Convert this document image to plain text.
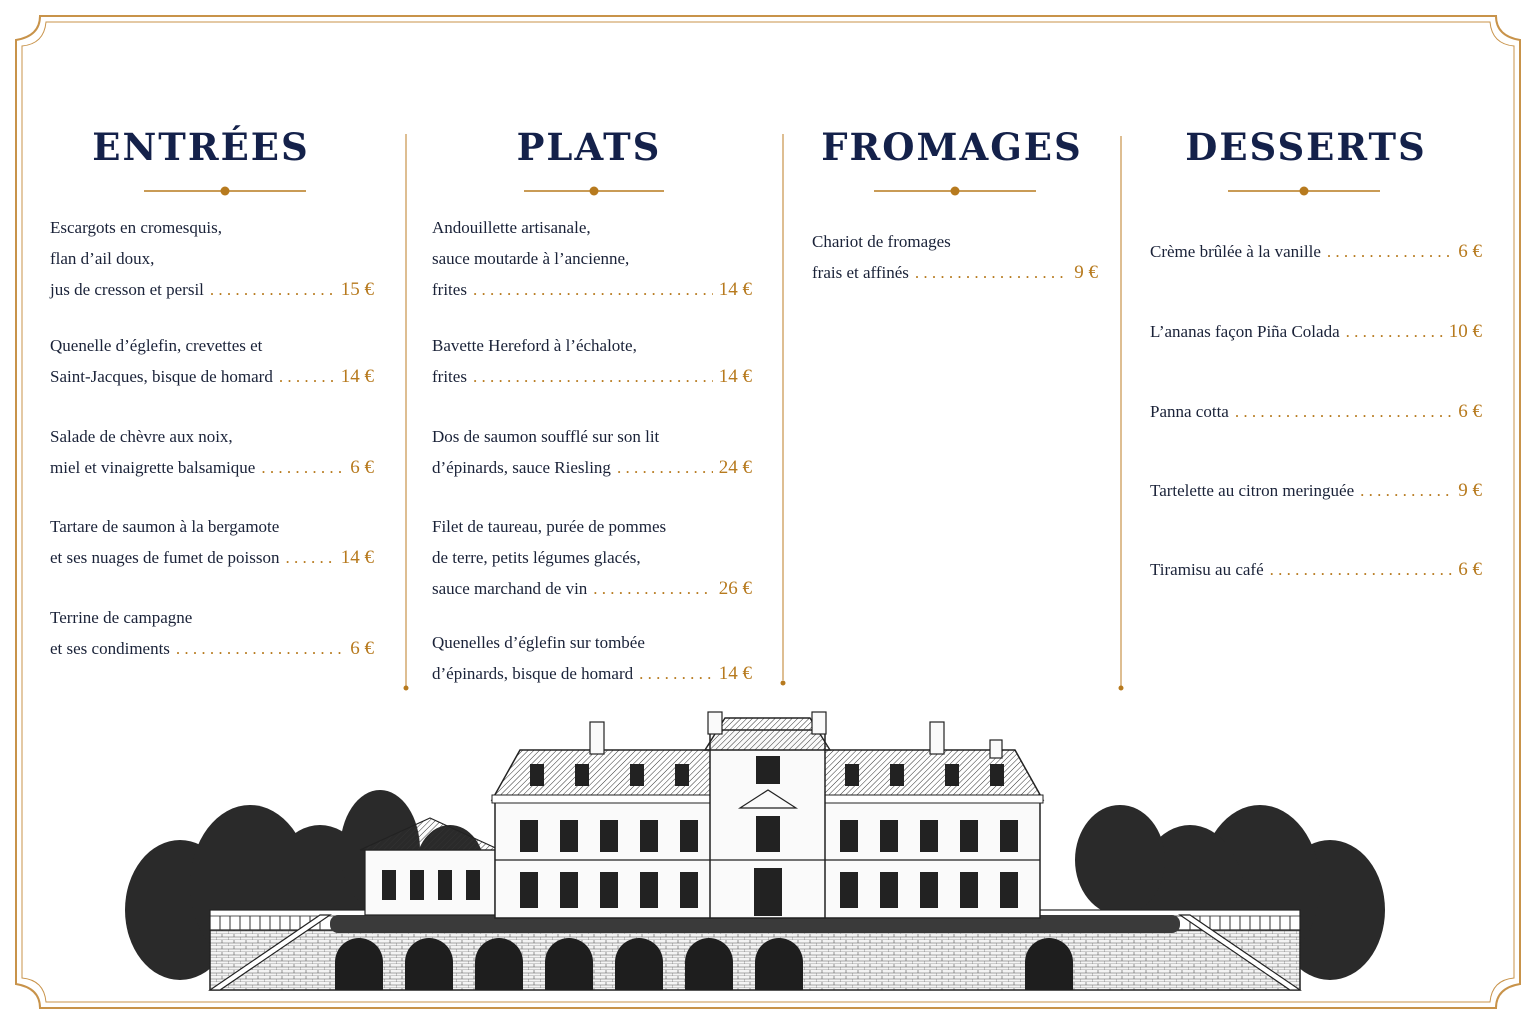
ENTRÉES
Escargots en cromesquis,
flan d’ail doux,
jus de cresson et persil . . .	15 €
Quenelle d’églefin, crevettes et
Saint-Jacques, bisque de homard . . .	14 €
Salade de chèvre aux noix,
miel et vinaigrette balsamique . . .	6 €
Tartare de saumon à la bergamote
et ses nuages de fumet de poisson . . .	14 €
Terrine de campagne
et ses condiments . . .	6 €
PLATS
Andouillette artisanale,
sauce moutarde à l’ancienne,
frites . . .	14 €
Bavette Hereford à l’échalote,
frites . . .	14 €
Dos de saumon soufflé sur son lit
d’épinards, sauce Riesling . . .	24 €
Filet de taureau, purée de pommes
de terre, petits légumes glacés,
sauce marchand de vin . . .	26 €
Quenelles d’églefin sur tombée
d’épinards, bisque de homard . . .	14 €
FROMAGES
Chariot de fromages
frais et affinés . . .	9 €
DESSERTS
Crème brûlée à la vanille . . .	6 €
L’ananas façon Piña Colada . . .	10 €
Panna cotta . . .	6 €
Tartelette au citron meringuée . . .	9 €
Tiramisu au café . . .	6 €
